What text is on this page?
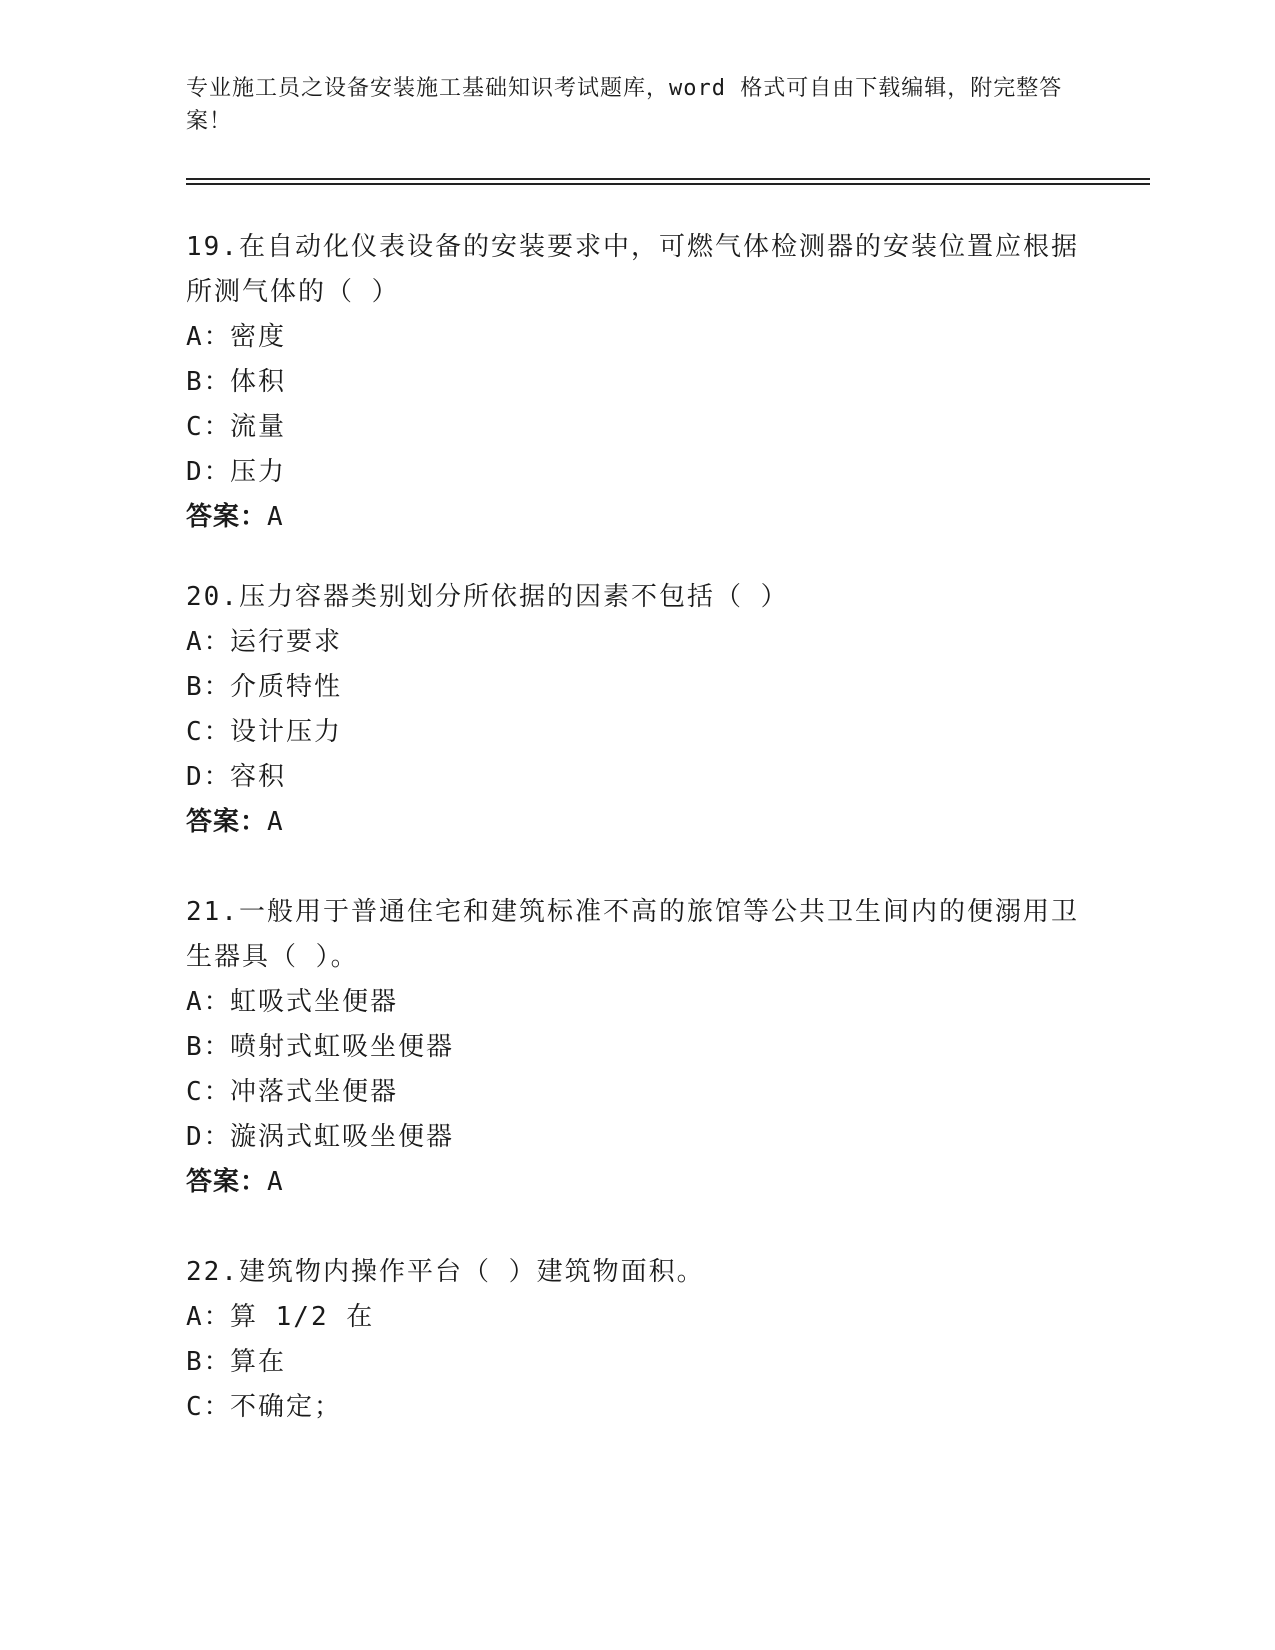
专业施工员之设备安装施工基础知识考试题库，word 格式可自由下载编辑，附完整答案！

19.在自动化仪表设备的安装要求中，可燃气体检测器的安装位置应根据所测气体的（ ）

A：
密度

B：
体积

C：
流量

D：
压力

答案：A

20.压力容器类别划分所依据的因素不包括（ ）

A：
运行要求

B：
介质特性

C：
设计压力

D：
容积

答案：A

21.一般用于普通住宅和建筑标准不高的旅馆等公共卫生间内的便溺用卫生器具（ ）。

A：
虹吸式坐便器

B：
喷射式虹吸坐便器

C：
冲落式坐便器

D：
漩涡式虹吸坐便器

答案：A

22.建筑物内操作平台（ ）建筑物面积。

A：
算 1/2 在

B：
算在

C：
不确定；
